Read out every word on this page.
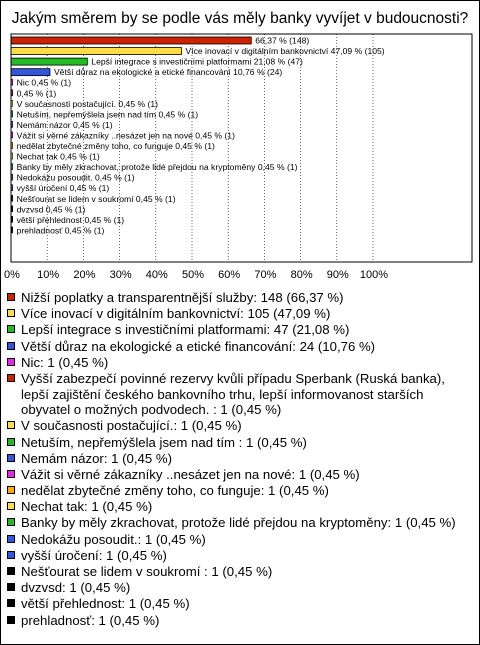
Jakým směrem by se podle vás měly banky vyvíjet v budoucnosti?
66,37 % (148)
Více inovací v digitálním bankovnictví 47,09 % (105)
Lepší integrace s investičními platformami 21,08 % (47)
Větší důraz na ekologické a etické financování 10,76 % (24)
Nic 0,45 % (1)
0,45 % (1)
V současnosti postačující. 0,45 % (1)
Netuším, nepřemýšlela jsem nad tím 0,45 % (1)
Nemám názor 0,45 % (1)
Vážit si věrné zákazníky ..nesázet jen na nové 0,45 % (1)
nedělat zbytečné změny toho, co funguje 0,45 % (1)
Nechat tak 0,45 % (1)
Banky by měly zkrachovat, protože lidé přejdou na kryptoměny 0,45 % (1)
Nedokážu posoudit. 0,45 % (1)
vyšší úročení 0,45 % (1)
Nešťourat se lidem v soukromí 0,45 % (1)
dvzvsd 0,45 % (1)
větší přehlednost 0,45 % (1)
prehladnosť 0,45 % (1)
0% 10% 20% 30% 40% 50% 60% 70% 80% 90% 100%
Nižší poplatky a transparentnější služby: 148 (66,37 %)
Více inovací v digitálním bankovnictví: 105 (47,09 %)
Lepší integrace s investičními platformami: 47 (21,08 %)
Větší důraz na ekologické a etické financování: 24 (10,76 %)
Nic: 1 (0,45 %)
Vyšší zabezpečí povinné rezervy kvůli případu Sperbank (Ruská banka), lepší zajištění českého bankovního trhu, lepší informovanost starších obyvatel o možných podvodech. : 1 (0,45 %)
V současnosti postačující.: 1 (0,45 %)
Netuším, nepřemýšlela jsem nad tím : 1 (0,45 %)
Nemám názor: 1 (0,45 %)
Vážit si věrné zákazníky ..nesázet jen na nové: 1 (0,45 %)
nedělat zbytečné změny toho, co funguje: 1 (0,45 %)
Nechat tak: 1 (0,45 %)
Banky by měly zkrachovat, protože lidé přejdou na kryptoměny: 1 (0,45 %)
Nedokážu posoudit.: 1 (0,45 %)
vyšší úročení: 1 (0,45 %)
Nešťourat se lidem v soukromí : 1 (0,45 %)
dvzvsd: 1 (0,45 %)
větší přehlednost: 1 (0,45 %)
prehladnosť: 1 (0,45 %)
